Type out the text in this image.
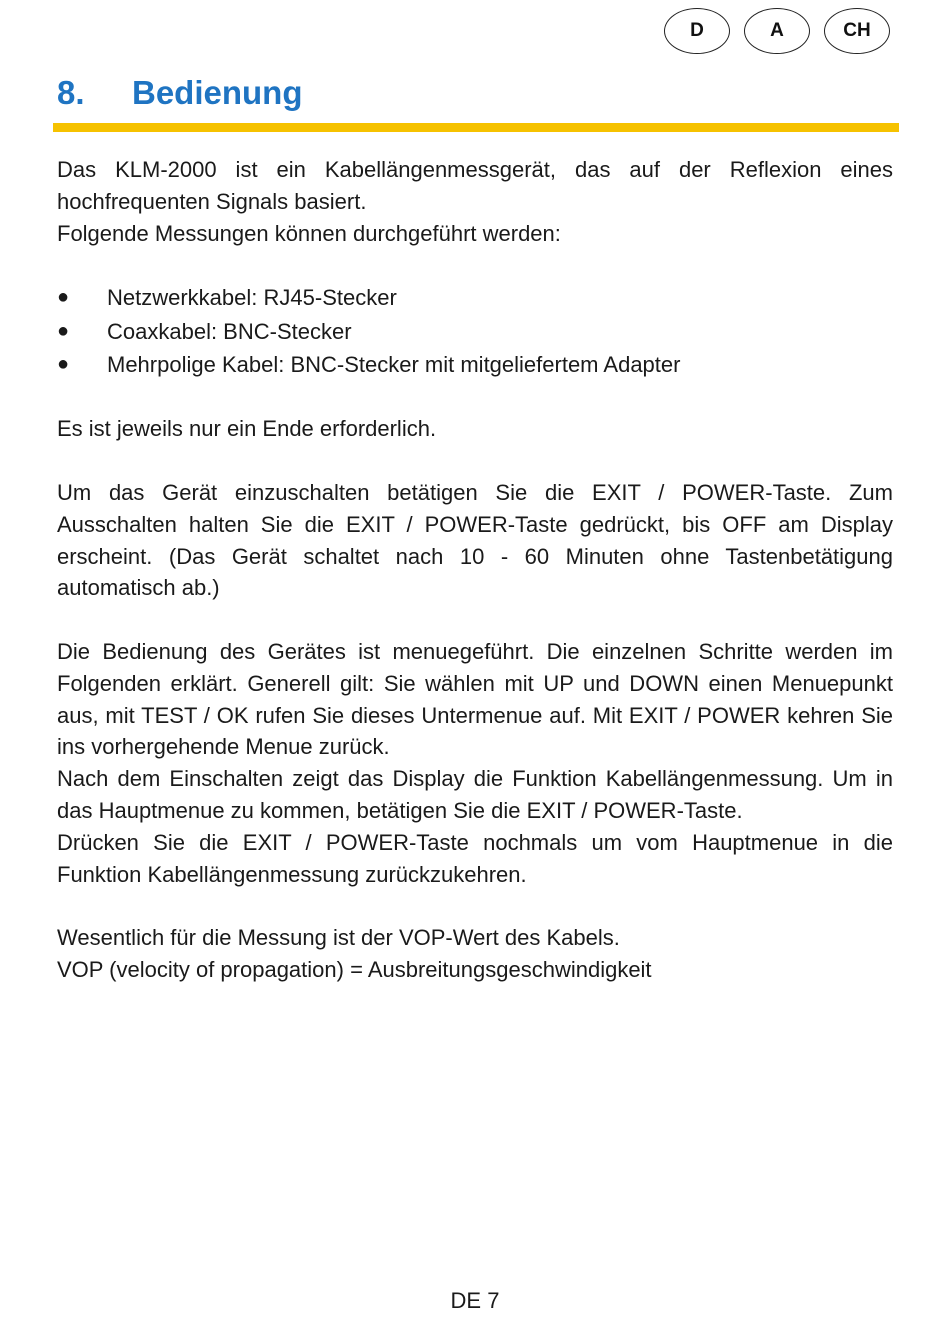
D	A	CH
8.	Bedienung

Das KLM-2000 ist ein Kabellängenmessgerät, das auf der Reflexion eines hochfrequenten Signals basiert.

Folgende Messungen können durchgeführt werden:

●	Netzwerkkabel: RJ45-Stecker
●	Coaxkabel: BNC-Stecker
●	Mehrpolige Kabel: BNC-Stecker mit mitgeliefertem Adapter

Es ist jeweils nur ein Ende erforderlich.

Um das Gerät einzuschalten betätigen Sie die EXIT / POWER-Taste. Zum Ausschalten halten Sie die EXIT / POWER-Taste gedrückt, bis OFF am Display erscheint. (Das Gerät schaltet nach 10 - 60 Minuten ohne Tastenbetätigung automatisch ab.)

Die Bedienung des Gerätes ist menuegeführt. Die einzelnen Schritte werden im Folgenden erklärt. Generell gilt: Sie wählen mit UP und DOWN einen Menuepunkt aus, mit TEST / OK rufen Sie dieses Untermenue auf. Mit EXIT / POWER kehren Sie ins vorhergehende Menue zurück.

Nach dem Einschalten zeigt das Display die Funktion Kabellängenmessung. Um in das Hauptmenue zu kommen, betätigen Sie die EXIT / POWER-Taste.

Drücken Sie die EXIT / POWER-Taste nochmals um vom Hauptmenue in die Funktion Kabellängenmessung zurückzukehren.

Wesentlich für die Messung ist der VOP-Wert des Kabels.

VOP (velocity of propagation) = Ausbreitungsgeschwindigkeit

DE 7
